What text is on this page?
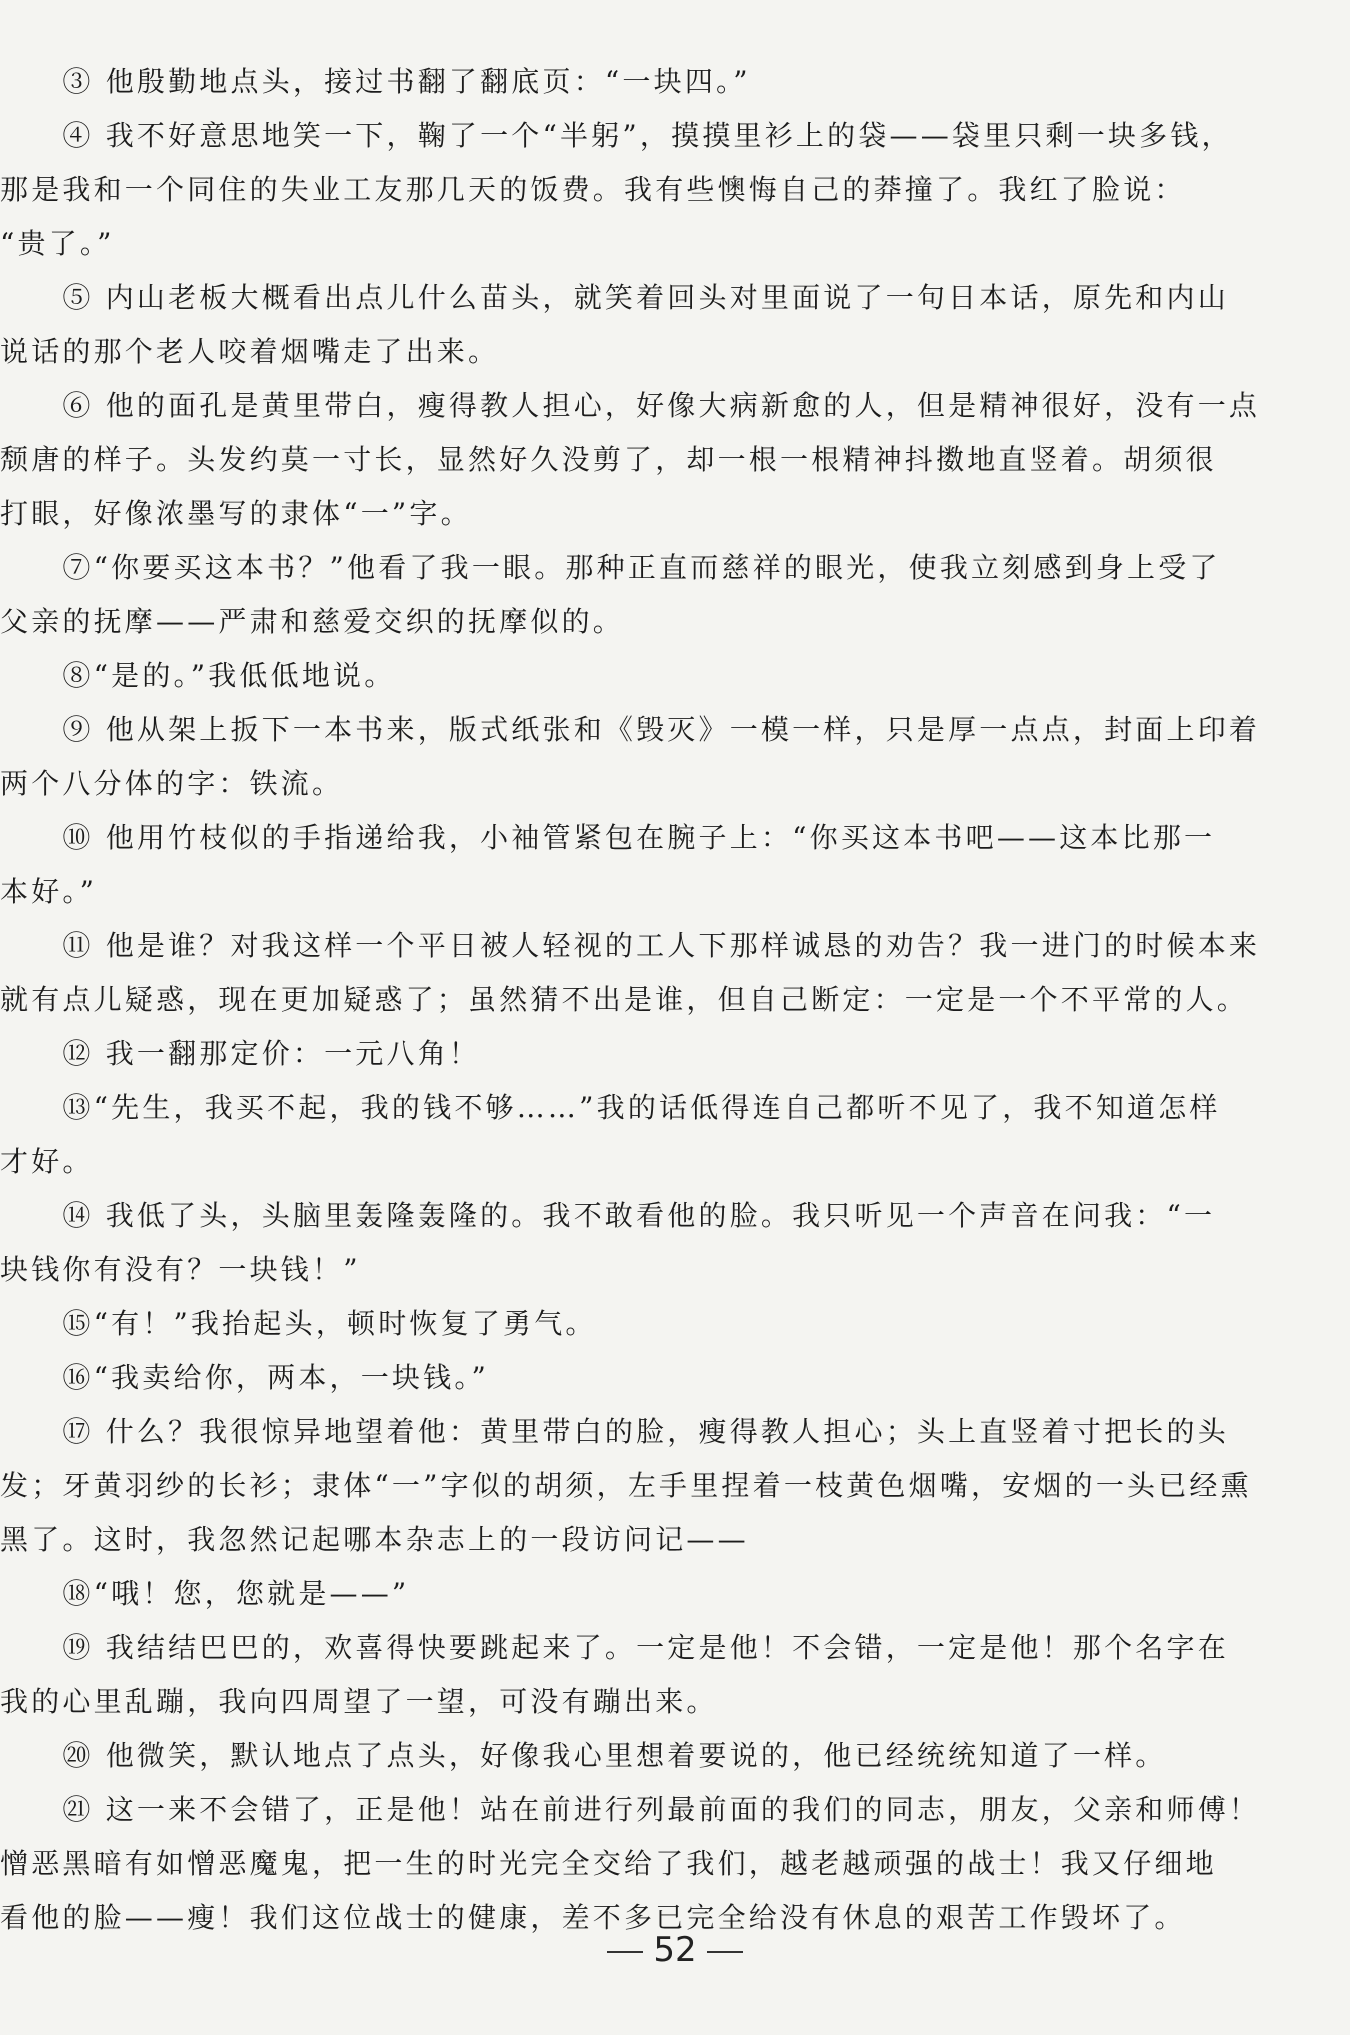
　　③ 他殷勤地点头，接过书翻了翻底页：“一块四。”
　　④ 我不好意思地笑一下，鞠了一个“半躬”，摸摸里衫上的袋——袋里只剩一块多钱，
那是我和一个同住的失业工友那几天的饭费。我有些懊悔自己的莽撞了。我红了脸说：
“贵了。”
　　⑤ 内山老板大概看出点儿什么苗头，就笑着回头对里面说了一句日本话，原先和内山
说话的那个老人咬着烟嘴走了出来。
　　⑥ 他的面孔是黄里带白，瘦得教人担心，好像大病新愈的人，但是精神很好，没有一点
颓唐的样子。头发约莫一寸长，显然好久没剪了，却一根一根精神抖擞地直竖着。胡须很
打眼，好像浓墨写的隶体“一”字。
　　⑦“你要买这本书？”他看了我一眼。那种正直而慈祥的眼光，使我立刻感到身上受了
父亲的抚摩——严肃和慈爱交织的抚摩似的。
　　⑧“是的。”我低低地说。
　　⑨ 他从架上扳下一本书来，版式纸张和《毁灭》一模一样，只是厚一点点，封面上印着
两个八分体的字：铁流。
　　⑩ 他用竹枝似的手指递给我，小袖管紧包在腕子上：“你买这本书吧——这本比那一
本好。”
　　⑪ 他是谁？对我这样一个平日被人轻视的工人下那样诚恳的劝告？我一进门的时候本来
就有点儿疑惑，现在更加疑惑了；虽然猜不出是谁，但自己断定：一定是一个不平常的人。
　　⑫ 我一翻那定价：一元八角！
　　⑬“先生，我买不起，我的钱不够……”我的话低得连自己都听不见了，我不知道怎样
才好。
　　⑭ 我低了头，头脑里轰隆轰隆的。我不敢看他的脸。我只听见一个声音在问我：“一
块钱你有没有？一块钱！”
　　⑮“有！”我抬起头，顿时恢复了勇气。
　　⑯“我卖给你，两本，一块钱。”
　　⑰ 什么？我很惊异地望着他：黄里带白的脸，瘦得教人担心；头上直竖着寸把长的头
发；牙黄羽纱的长衫；隶体“一”字似的胡须，左手里捏着一枝黄色烟嘴，安烟的一头已经熏
黑了。这时，我忽然记起哪本杂志上的一段访问记——
　　⑱“哦！您，您就是——”
　　⑲ 我结结巴巴的，欢喜得快要跳起来了。一定是他！不会错，一定是他！那个名字在
我的心里乱蹦，我向四周望了一望，可没有蹦出来。
　　⑳ 他微笑，默认地点了点头，好像我心里想着要说的，他已经统统知道了一样。
　　㉑ 这一来不会错了，正是他！站在前进行列最前面的我们的同志，朋友，父亲和师傅！
憎恶黑暗有如憎恶魔鬼，把一生的时光完全交给了我们，越老越顽强的战士！我又仔细地
看他的脸——瘦！我们这位战士的健康，差不多已完全给没有休息的艰苦工作毁坏了。
52
